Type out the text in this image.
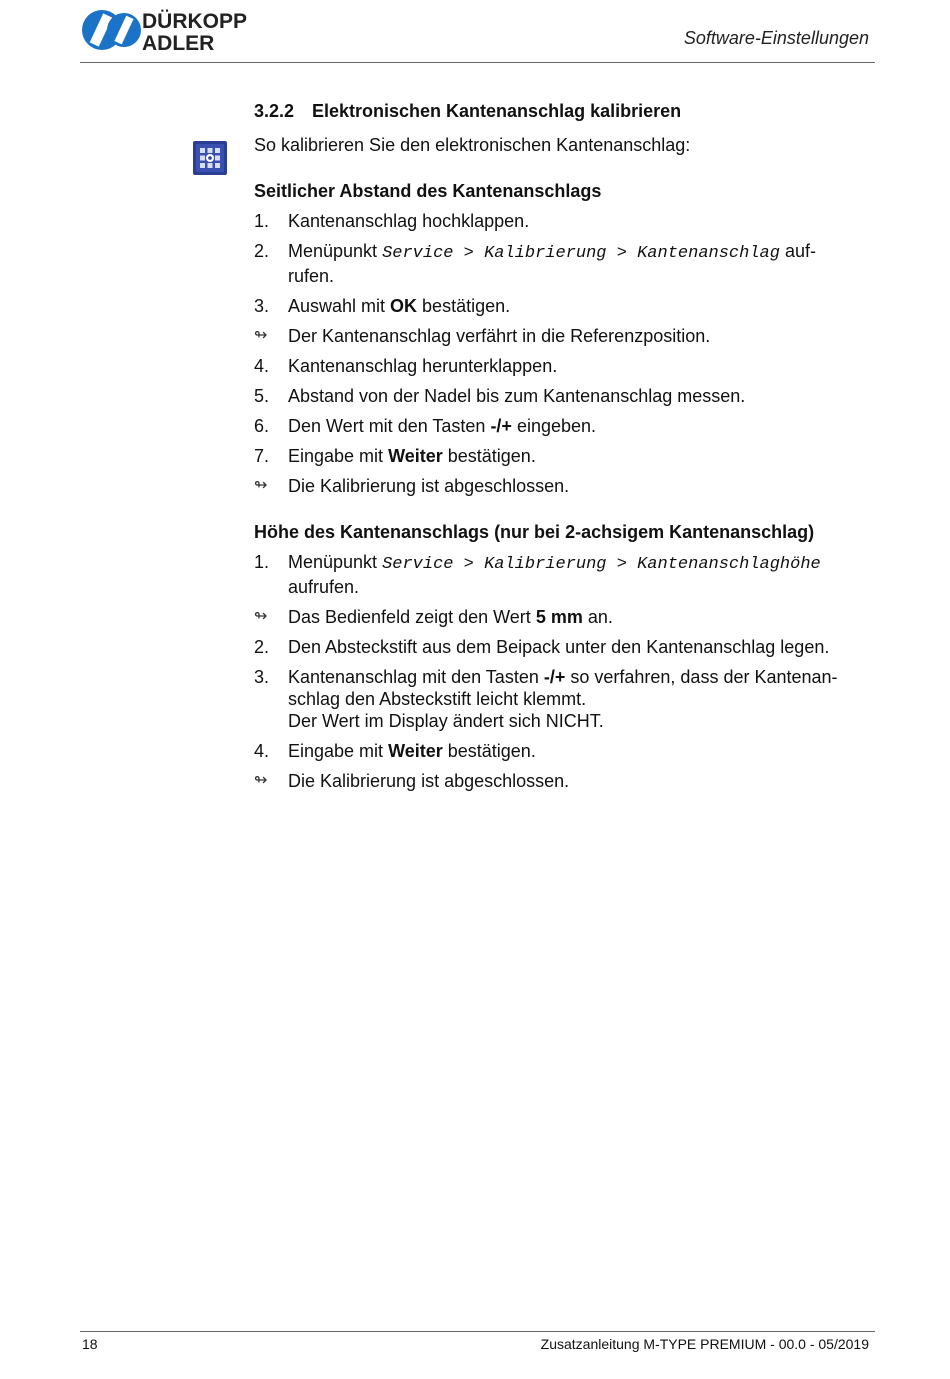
DÜRKOPP
ADLER	Software-Einstellungen
3.2.2 Elektronischen Kantenanschlag kalibrieren
So kalibrieren Sie den elektronischen Kantenanschlag:
Seitlicher Abstand des Kantenanschlags
1.	Kantenanschlag hochklappen.
2.	Menüpunkt Service > Kalibrierung > Kantenanschlag auf-
rufen.
3.	Auswahl mit OK bestätigen.
↬	Der Kantenanschlag verfährt in die Referenzposition.
4.	Kantenanschlag herunterklappen.
5.	Abstand von der Nadel bis zum Kantenanschlag messen.
6.	Den Wert mit den Tasten -/+ eingeben.
7.	Eingabe mit Weiter bestätigen.
↬	Die Kalibrierung ist abgeschlossen.
Höhe des Kantenanschlags (nur bei 2-achsigem Kantenanschlag)
1.	Menüpunkt Service > Kalibrierung > Kantenanschlaghöhe
aufrufen.
↬	Das Bedienfeld zeigt den Wert 5 mm an.
2.	Den Absteckstift aus dem Beipack unter den Kantenanschlag legen.
3.	Kantenanschlag mit den Tasten -/+ so verfahren, dass der Kantenan-
schlag den Absteckstift leicht klemmt.
Der Wert im Display ändert sich NICHT.
4.	Eingabe mit Weiter bestätigen.
↬	Die Kalibrierung ist abgeschlossen.
18	Zusatzanleitung M-TYPE PREMIUM - 00.0 - 05/2019
